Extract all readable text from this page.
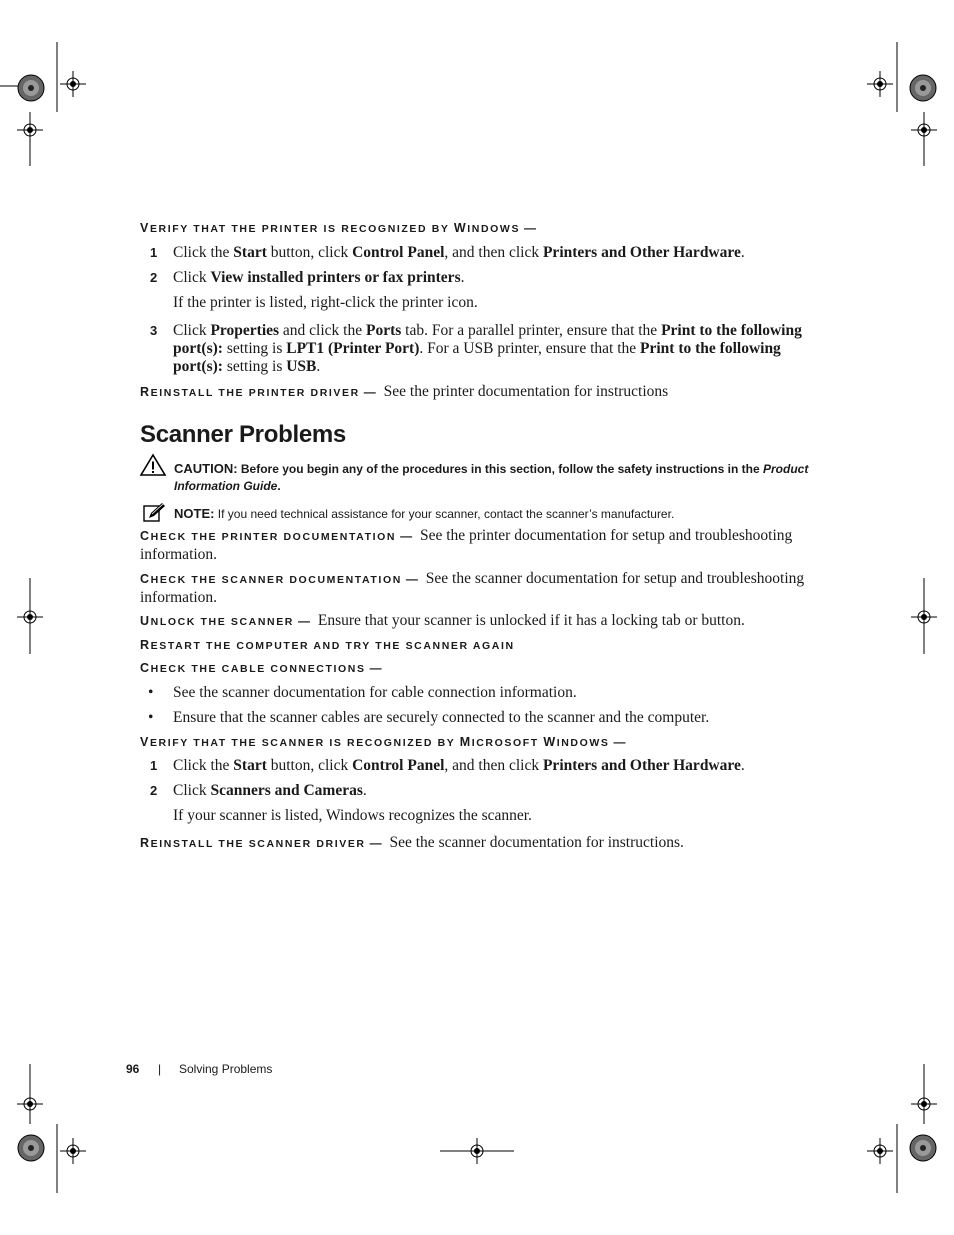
VERIFY THAT THE PRINTER IS RECOGNIZED BY WINDOWS —
1 Click the Start button, click Control Panel, and then click Printers and Other Hardware.
2 Click View installed printers or fax printers.
If the printer is listed, right-click the printer icon.
3 Click Properties and click the Ports tab. For a parallel printer, ensure that the Print to the following port(s): setting is LPT1 (Printer Port). For a USB printer, ensure that the Print to the following port(s): setting is USB.
REINSTALL THE PRINTER DRIVER — See the printer documentation for instructions
Scanner Problems
CAUTION: Before you begin any of the procedures in this section, follow the safety instructions in the Product Information Guide.
NOTE: If you need technical assistance for your scanner, contact the scanner’s manufacturer.
CHECK THE PRINTER DOCUMENTATION — See the printer documentation for setup and troubleshooting
information.
CHECK THE SCANNER DOCUMENTATION — See the scanner documentation for setup and troubleshooting
information.
UNLOCK THE SCANNER — Ensure that your scanner is unlocked if it has a locking tab or button.
RESTART THE COMPUTER AND TRY THE SCANNER AGAIN
CHECK THE CABLE CONNECTIONS —
• See the scanner documentation for cable connection information.
• Ensure that the scanner cables are securely connected to the scanner and the computer.
VERIFY THAT THE SCANNER IS RECOGNIZED BY MICROSOFT WINDOWS —
1 Click the Start button, click Control Panel, and then click Printers and Other Hardware.
2 Click Scanners and Cameras.
If your scanner is listed, Windows recognizes the scanner.
REINSTALL THE SCANNER DRIVER — See the scanner documentation for instructions.
96 | Solving Problems
